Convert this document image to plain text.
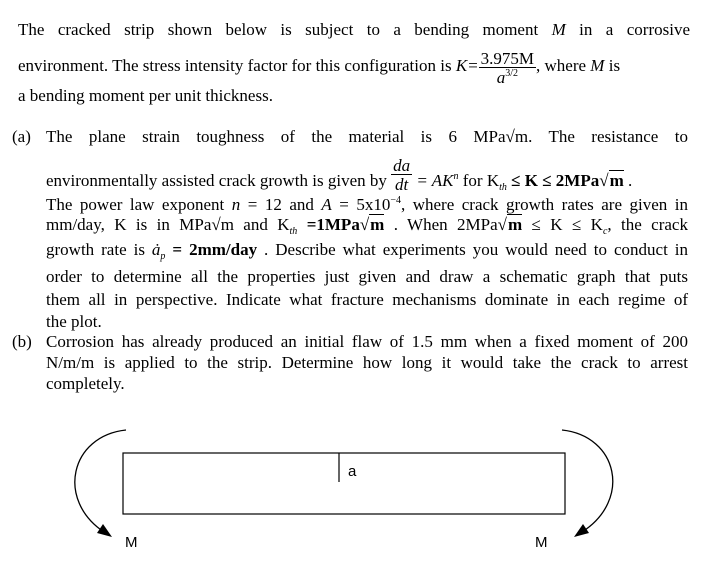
The cracked strip shown below is subject to a bending moment M in a corrosive
environment. The stress intensity factor for this configuration is $K= \frac{3.975M}{a^{3/2}}$ , where M is
a bending moment per unit thickness.
(a) The plane strain toughness of the material is 6 MPa√m. The resistance to
environmentally assisted crack growth is given by $\frac{da}{dt} = AK^n$ for $K_{th} \le K \le 2MPa√m$ .
The power law exponent n = 12 and $A = 5x10^{-4}$, where crack growth rates are given in
mm/day, K is in MPa√m and $K_{th} =1MPa√m$ . When $2MPa√m \le K \le K_c$, the crack
growth rate is $ȧ_p = 2mm/day$ . Describe what experiments you would need to conduct in
order to determine all the properties just given and draw a schematic graph that puts
them all in perspective. Indicate what fracture mechanisms dominate in each regime of
the plot.
(b) Corrosion has already produced an initial flaw of 1.5 mm when a fixed moment of 200
N/m/m is applied to the strip. Determine how long it would take the crack to arrest
completely.
a
M	M
